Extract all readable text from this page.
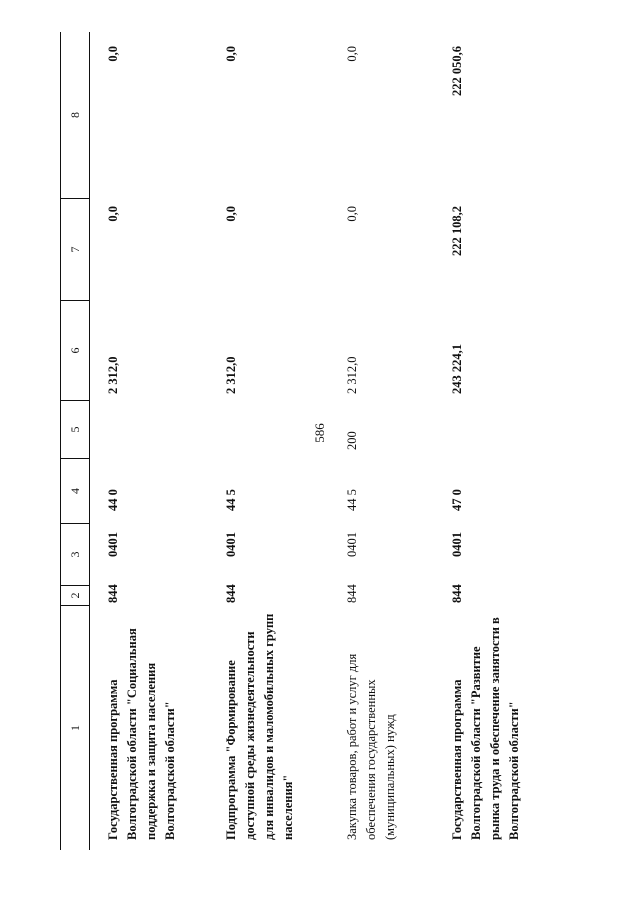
586
1
2
3
4
5
6
7
8
Государственная программа Волгоградской области "Социальная поддержка и защита населения Волгоградской области"
844
0401
44 0
2 312,0
0,0
0,0
Подпрограмма "Формирование доступной среды жизнедеятельности для инвалидов и маломобильных групп населения"
844
0401
44 5
2 312,0
0,0
0,0
Закупка товаров, работ и услуг для обеспечения государственных (муниципальных) нужд
844
0401
44 5
200
2 312,0
0,0
0,0
Государственная программа Волгоградской области "Развитие рынка труда и обеспечение занятости в Волгоградской области"
844
0401
47 0
243 224,1
222 108,2
222 050,6
